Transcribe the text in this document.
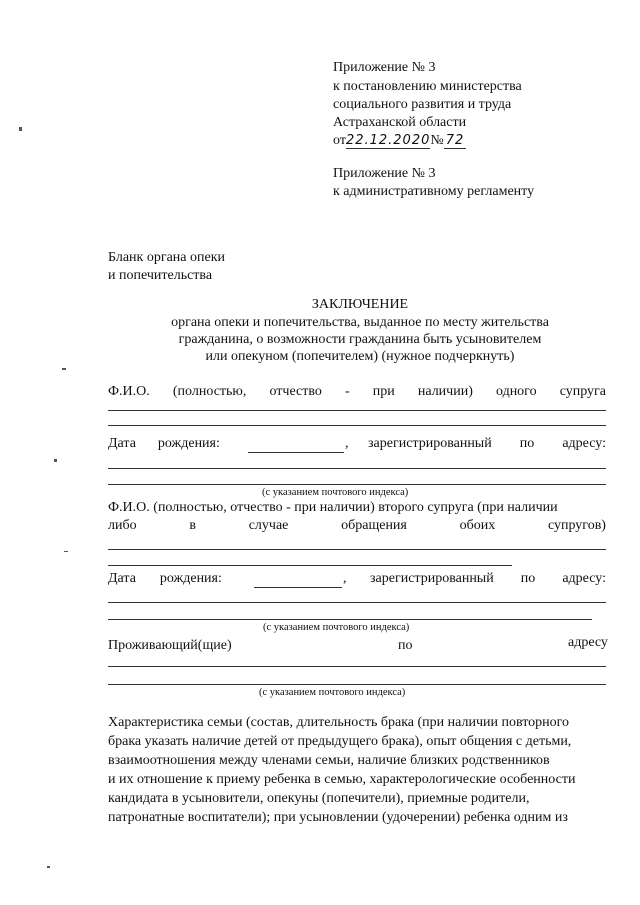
Приложение № 3
к постановлению министерства
социального развития и труда
Астраханской области
от22.12.2020№ 72
Приложение № 3
к административному регламенту
Бланк органа опеки
и попечительства
ЗАКЛЮЧЕНИЕ
органа опеки и попечительства, выданное по месту жительства
гражданина, о возможности гражданина быть усыновителем
или опекуном (попечителем) (нужное подчеркнуть)
Ф.И.О. (полностью, отчество - при наличии) одного супруга
Дата рождения:	, зарегистрированный по адресу:
(с указанием почтового индекса)
Ф.И.О. (полностью, отчество - при наличии) второго супруга (при наличии
либо	в	случае	обращения	обоих	супругов)
Дата рождения:	, зарегистрированный по адресу:
(с указанием почтового индекса)
Проживающий(щие)	по	адресу
(с указанием почтового индекса)
Характеристика семьи (состав, длительность брака (при наличии повторного
брака указать наличие детей от предыдущего брака), опыт общения с детьми,
взаимоотношения между членами семьи, наличие близких родственников
и их отношение к приему ребенка в семью, характерологические особенности
кандидата в усыновители, опекуны (попечители), приемные родители,
патронатные воспитатели); при усыновлении (удочерении) ребенка одним из
